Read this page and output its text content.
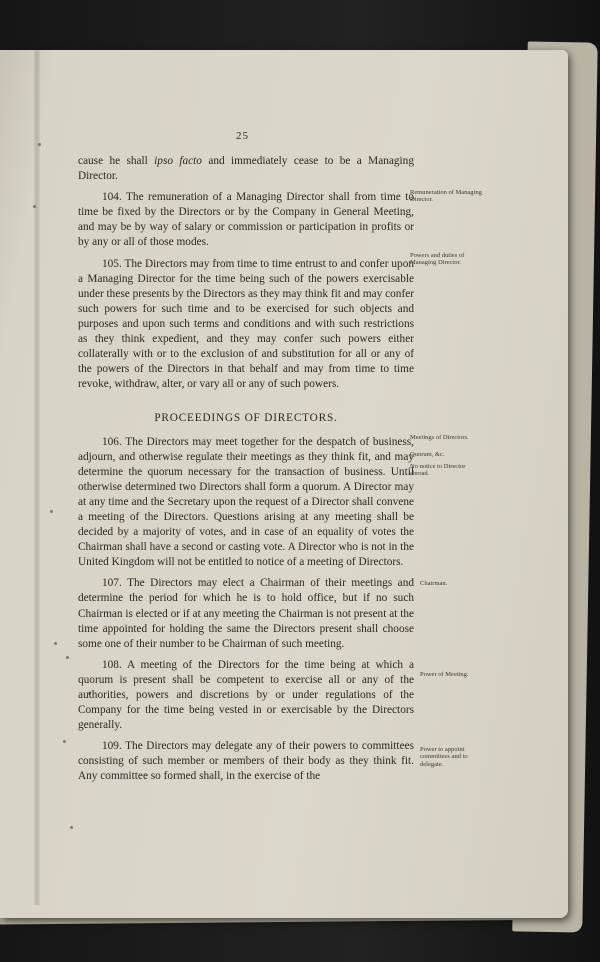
25

cause he shall ipso facto and immediately cease to be a Managing Director.

104. The remuneration of a Managing Director shall from time to time be fixed by the Directors or by the Company in General Meeting, and may be by way of salary or commission or participation in profits or by any or all of those modes.

105. The Directors may from time to time entrust to and confer upon a Managing Director for the time being such of the powers exercisable under these presents by the Directors as they may think fit and may confer such powers for such time and to be exercised for such objects and purposes and upon such terms and conditions and with such restrictions as they think expedient, and they may confer such powers either collaterally with or to the exclusion of and substitution for all or any of the powers of the Directors in that behalf and may from time to time revoke, withdraw, alter, or vary all or any of such powers.

PROCEEDINGS OF DIRECTORS.

106. The Directors may meet together for the despatch of business, adjourn, and otherwise regulate their meetings as they think fit, and may determine the quorum necessary for the transaction of business. Until otherwise determined two Directors shall form a quorum. A Director may at any time and the Secretary upon the request of a Director shall convene a meeting of the Directors. Questions arising at any meeting shall be decided by a majority of votes, and in case of an equality of votes the Chairman shall have a second or casting vote. A Director who is not in the United Kingdom will not be entitled to notice of a meeting of Directors.

107. The Directors may elect a Chairman of their meetings and determine the period for which he is to hold office, but if no such Chairman is elected or if at any meeting the Chairman is not present at the time appointed for holding the same the Directors present shall choose some one of their number to be Chairman of such meeting.

108. A meeting of the Directors for the time being at which a quorum is present shall be competent to exercise all or any of the authorities, powers and discretions by or under regulations of the Company for the time being vested in or exercisable by the Directors generally.

109. The Directors may delegate any of their powers to committees consisting of such member or members of their body as they think fit. Any committee so formed shall, in the exercise of the

Remuneration of Managing Director.
Powers and duties of Managing Director.
Meetings of Directors.
Quorum, &c.
No notice to Director abroad.
Chairman.
Power of Meeting.
Power to appoint committees and to delegate.
